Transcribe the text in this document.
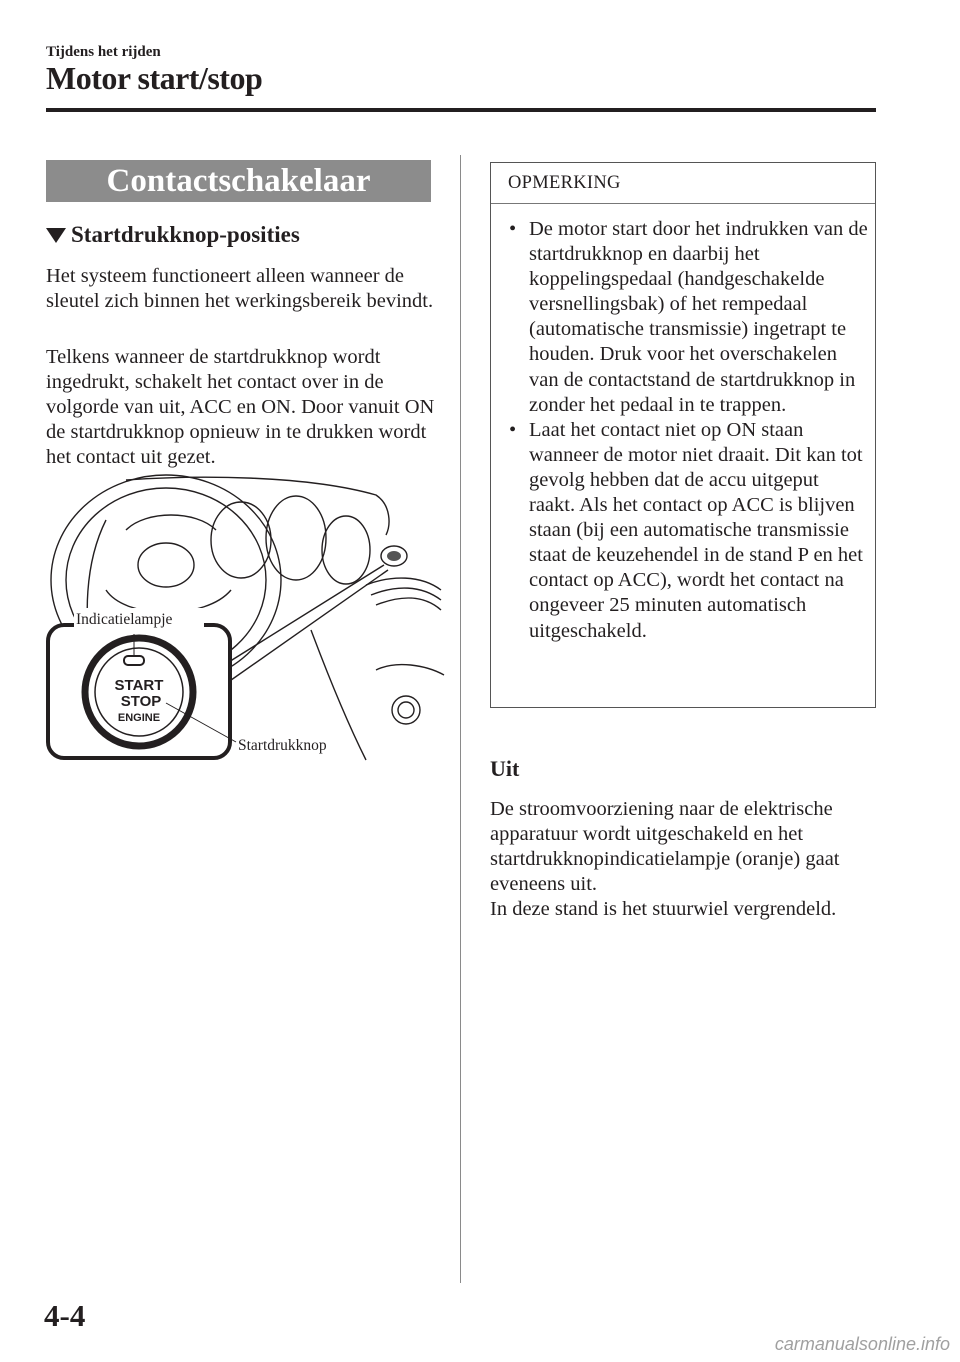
Tijdens het rijden
Motor start/stop
Contactschakelaar
Startdrukknop-posities
Het systeem functioneert alleen wanneer de sleutel zich binnen het werkingsbereik bevindt.
Telkens wanneer de startdrukknop wordt ingedrukt, schakelt het contact over in de volgorde van uit, ACC en ON. Door vanuit ON de startdrukknop opnieuw in te drukken wordt het contact uit gezet.
START
STOP
ENGINE
Indicatielampje
Startdrukknop
OPMERKING
• De motor start door het indrukken van de startdrukknop en daarbij het koppelingspedaal (handgeschakelde versnellingsbak) of het rempedaal (automatische transmissie) ingetrapt te houden. Druk voor het overschakelen van de contactstand de startdrukknop in zonder het pedaal in te trappen.
• Laat het contact niet op ON staan wanneer de motor niet draait. Dit kan tot gevolg hebben dat de accu uitgeput raakt. Als het contact op ACC is blijven staan (bij een automatische transmissie staat de keuzehendel in de stand P en het contact op ACC), wordt het contact na ongeveer 25 minuten automatisch uitgeschakeld.
Uit
De stroomvoorziening naar de elektrische apparatuur wordt uitgeschakeld en het startdrukknopindicatielampje (oranje) gaat eveneens uit.
In deze stand is het stuurwiel vergrendeld.
4-4
carmanualsonline.info
